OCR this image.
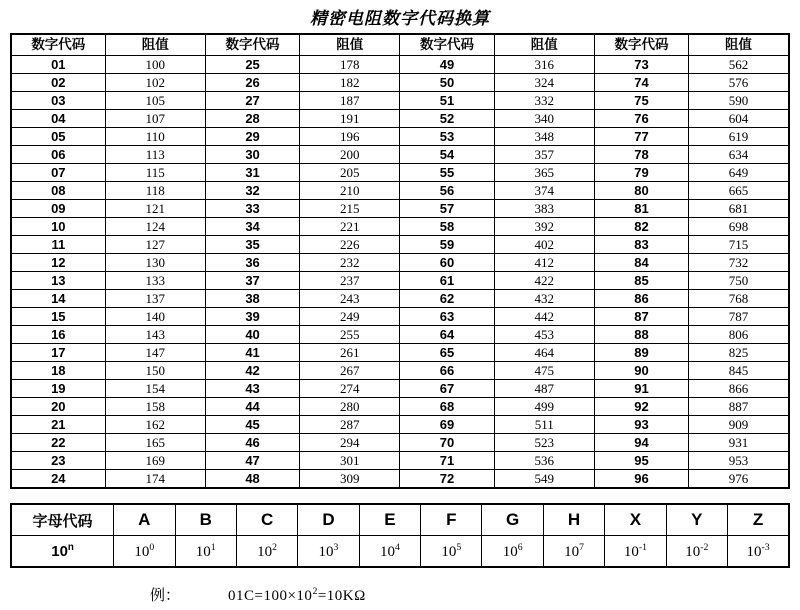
精密电阻数字代码换算
数字代码	阻值	数字代码	阻值	数字代码	阻值	数字代码	阻值
01	100	25	178	49	316	73	562
02	102	26	182	50	324	74	576
03	105	27	187	51	332	75	590
04	107	28	191	52	340	76	604
05	110	29	196	53	348	77	619
06	113	30	200	54	357	78	634
07	115	31	205	55	365	79	649
08	118	32	210	56	374	80	665
09	121	33	215	57	383	81	681
10	124	34	221	58	392	82	698
11	127	35	226	59	402	83	715
12	130	36	232	60	412	84	732
13	133	37	237	61	422	85	750
14	137	38	243	62	432	86	768
15	140	39	249	63	442	87	787
16	143	40	255	64	453	88	806
17	147	41	261	65	464	89	825
18	150	42	267	66	475	90	845
19	154	43	274	67	487	91	866
20	158	44	280	68	499	92	887
21	162	45	287	69	511	93	909
22	165	46	294	70	523	94	931
23	169	47	301	71	536	95	953
24	174	48	309	72	549	96	976
字母代码	A	B	C	D	E	F	G	H	X	Y	Z
10$^n$	$10^0$	$10^1$	$10^2$	$10^3$	$10^4$	$10^5$	$10^6$	$10^7$	$10^{-1}$	$10^{-2}$	$10^{-3}$
例：	$01C=100\times 10^2=10K\Omega$
